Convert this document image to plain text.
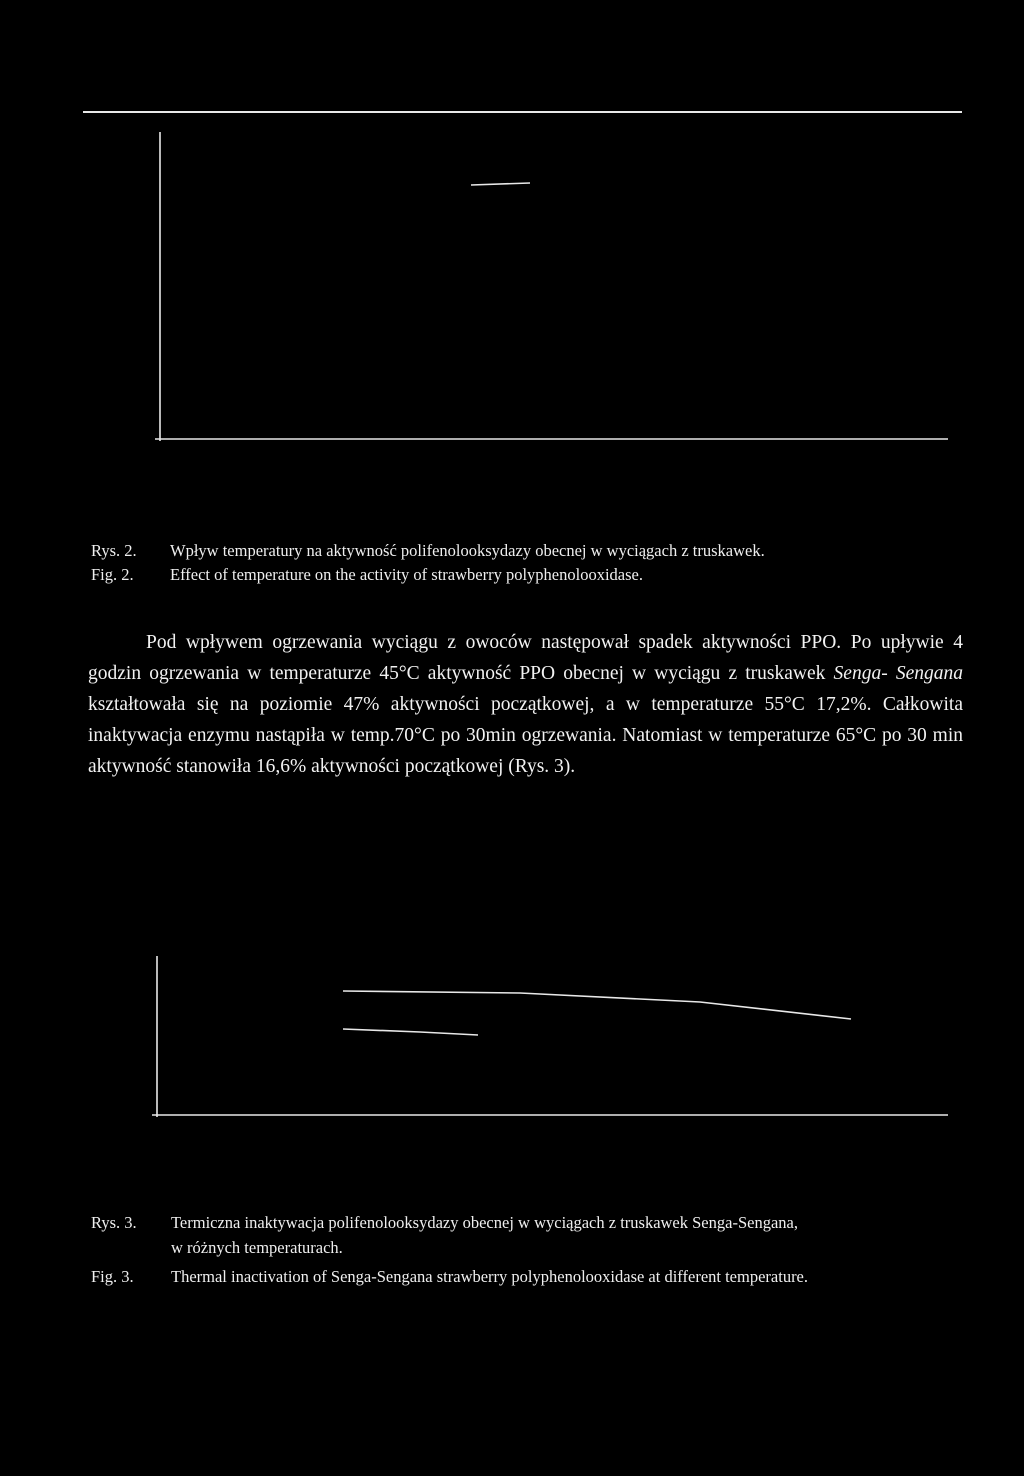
Rys. 2. Wpływ temperatury na aktywność polifenolooksydazy obecnej w wyciągach z truskawek.
Fig. 2. Effect of temperature on the activity of strawberry polyphenolooxidase.

Pod wpływem ogrzewania wyciągu z owoców następował spadek aktywności PPO. Po upływie 4 godzin ogrzewania w temperaturze 45°C aktywność PPO obecnej w wyciągu z truskawek Senga- Sengana kształtowała się na poziomie 47% aktywności początkowej, a w temperaturze 55°C 17,2%. Całkowita inaktywacja enzymu nastąpiła w temp.70°C po 30min ogrzewania. Natomiast w temperaturze 65°C po 30 min aktywność stanowiła 16,6% aktywności początkowej (Rys. 3).

Rys. 3. Termiczna inaktywacja polifenolooksydazy obecnej w wyciągach z truskawek Senga-Sengana,
w różnych temperaturach.
Fig. 3. Thermal inactivation of Senga-Sengana strawberry polyphenolooxidase at different temperature.
